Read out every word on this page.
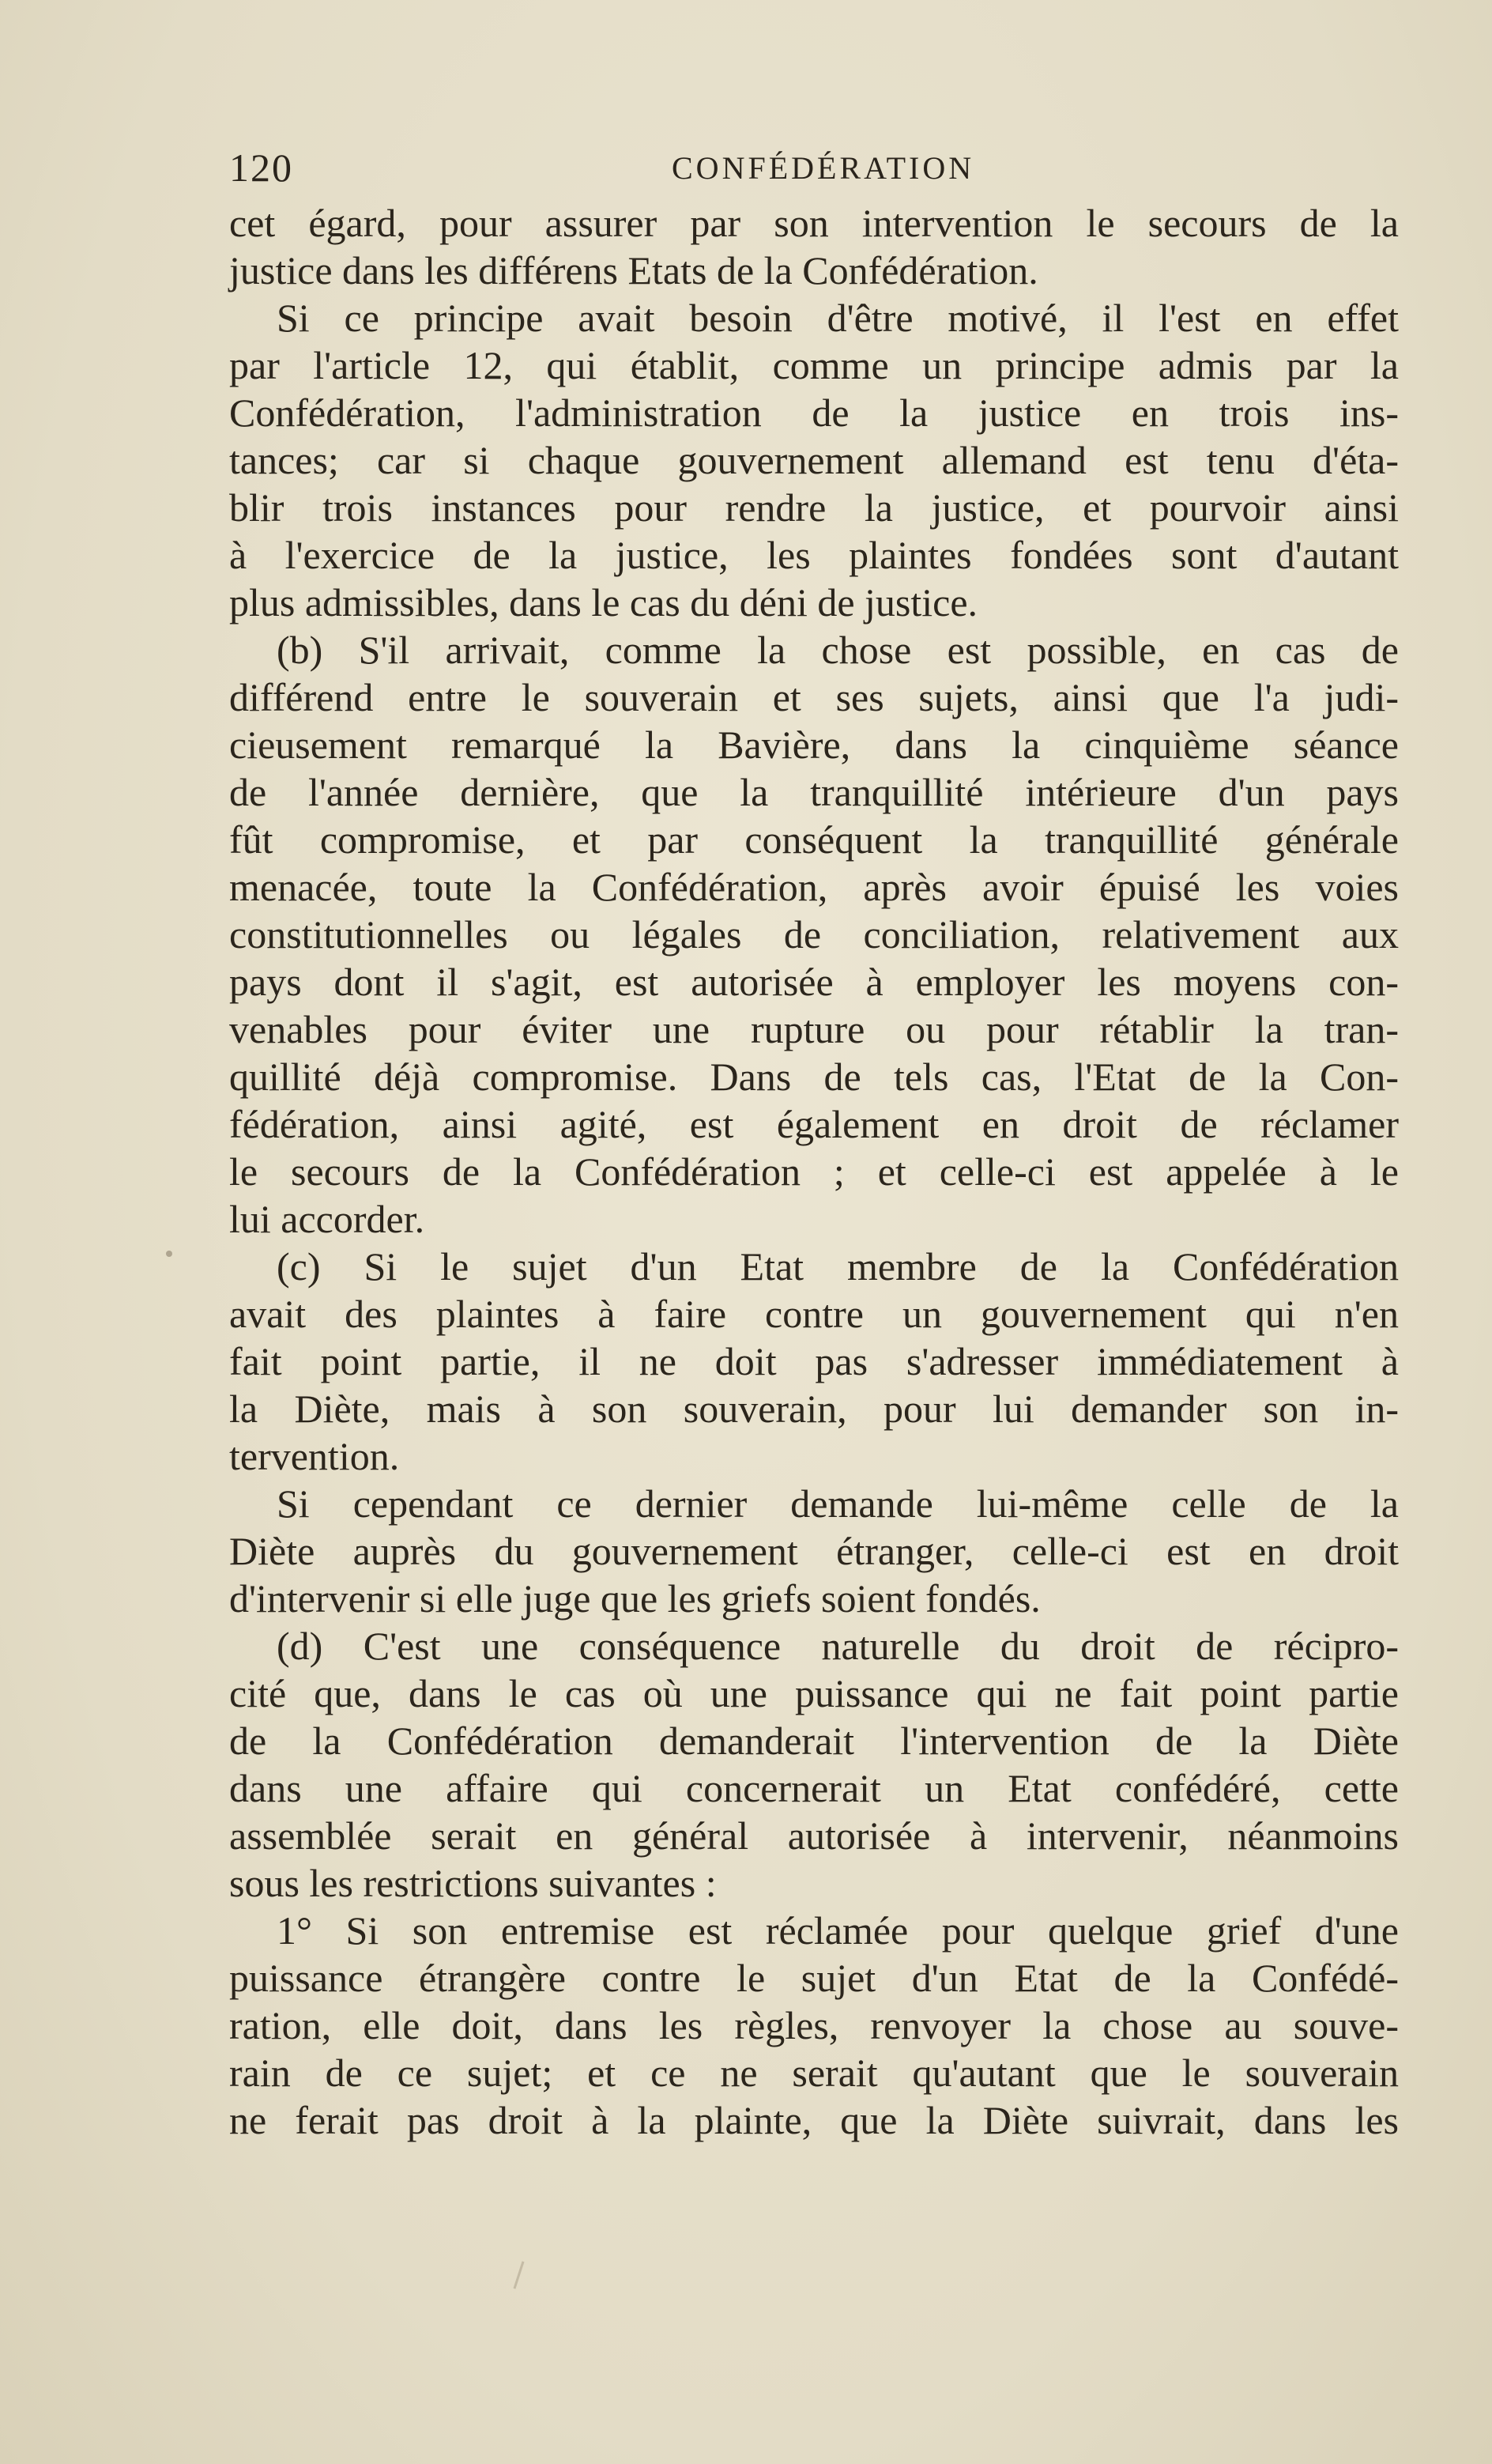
120	CONFÉDÉRATION
cet égard, pour assurer par son intervention le secours de la
justice dans les différens Etats de la Confédération.
Si ce principe avait besoin d'être motivé, il l'est en effet
par l'article 12, qui établit, comme un principe admis par la
Confédération, l'administration de la justice en trois ins-
tances; car si chaque gouvernement allemand est tenu d'éta-
blir trois instances pour rendre la justice, et pourvoir ainsi
à l'exercice de la justice, les plaintes fondées sont d'autant
plus admissibles, dans le cas du déni de justice.
(b) S'il arrivait, comme la chose est possible, en cas de
différend entre le souverain et ses sujets, ainsi que l'a judi-
cieusement remarqué la Bavière, dans la cinquième séance
de l'année dernière, que la tranquillité intérieure d'un pays
fût compromise, et par conséquent la tranquillité générale
menacée, toute la Confédération, après avoir épuisé les voies
constitutionnelles ou légales de conciliation, relativement aux
pays dont il s'agit, est autorisée à employer les moyens con-
venables pour éviter une rupture ou pour rétablir la tran-
quillité déjà compromise. Dans de tels cas, l'Etat de la Con-
fédération, ainsi agité, est également en droit de réclamer
le secours de la Confédération ; et celle-ci est appelée à le
lui accorder.
(c) Si le sujet d'un Etat membre de la Confédération
avait des plaintes à faire contre un gouvernement qui n'en
fait point partie, il ne doit pas s'adresser immédiatement à
la Diète, mais à son souverain, pour lui demander son in-
tervention.
Si cependant ce dernier demande lui-même celle de la
Diète auprès du gouvernement étranger, celle-ci est en droit
d'intervenir si elle juge que les griefs soient fondés.
(d) C'est une conséquence naturelle du droit de récipro-
cité que, dans le cas où une puissance qui ne fait point partie
de la Confédération demanderait l'intervention de la Diète
dans une affaire qui concernerait un Etat confédéré, cette
assemblée serait en général autorisée à intervenir, néanmoins
sous les restrictions suivantes :
1° Si son entremise est réclamée pour quelque grief d'une
puissance étrangère contre le sujet d'un Etat de la Confédé-
ration, elle doit, dans les règles, renvoyer la chose au souve-
rain de ce sujet; et ce ne serait qu'autant que le souverain
ne ferait pas droit à la plainte, que la Diète suivrait, dans les
